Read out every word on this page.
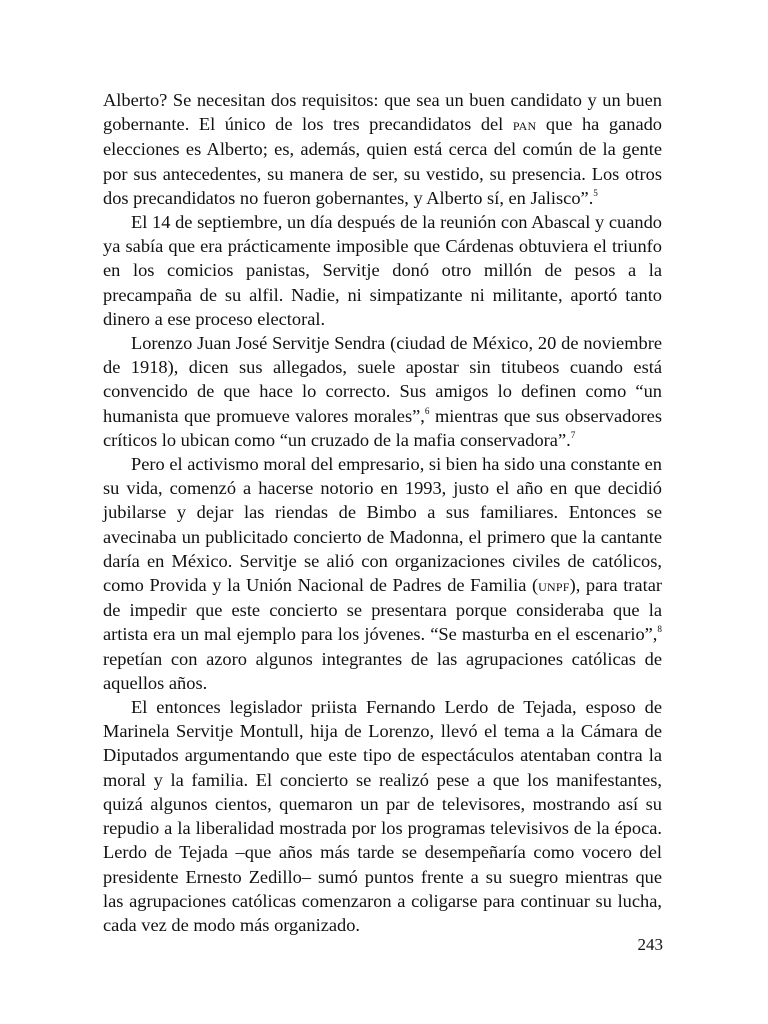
Alberto? Se necesitan dos requisitos: que sea un buen candidato y un buen gobernante. El único de los tres precandidatos del pan que ha ganado elecciones es Alberto; es, además, quien está cerca del común de la gente por sus antecedentes, su manera de ser, su vestido, su presencia. Los otros dos precandidatos no fueron gobernantes, y Alberto sí, en Jalisco”.$^5$

El 14 de septiembre, un día después de la reunión con Abascal y cuando ya sabía que era prácticamente imposible que Cárdenas obtuviera el triunfo en los comicios panistas, Servitje donó otro millón de pesos a la precampaña de su alfil. Nadie, ni simpatizante ni militante, aportó tanto dinero a ese proceso electoral.

Lorenzo Juan José Servitje Sendra (ciudad de México, 20 de noviembre de 1918), dicen sus allegados, suele apostar sin titubeos cuando está convencido de que hace lo correcto. Sus amigos lo definen como “un humanista que promueve valores morales”,$^6$ mientras que sus observadores críticos lo ubican como “un cruzado de la mafia conservadora”.$^7$

Pero el activismo moral del empresario, si bien ha sido una constante en su vida, comenzó a hacerse notorio en 1993, justo el año en que decidió jubilarse y dejar las riendas de Bimbo a sus familiares. Entonces se avecinaba un publicitado concierto de Madonna, el primero que la cantante daría en México. Servitje se alió con organizaciones civiles de católicos, como Provida y la Unión Nacional de Padres de Familia (unpf), para tratar de impedir que este concierto se presentara porque consideraba que la artista era un mal ejemplo para los jóvenes. “Se masturba en el escenario”,$^8$ repetían con azoro algunos integrantes de las agrupaciones católicas de aquellos años.

El entonces legislador priista Fernando Lerdo de Tejada, esposo de Marinela Servitje Montull, hija de Lorenzo, llevó el tema a la Cámara de Diputados argumentando que este tipo de espectáculos atentaban contra la moral y la familia. El concierto se realizó pese a que los manifestantes, quizá algunos cientos, quemaron un par de televisores, mostrando así su repudio a la liberalidad mostrada por los programas televisivos de la época. Lerdo de Tejada –que años más tarde se desempeñaría como vocero del presidente Ernesto Zedillo– sumó puntos frente a su suegro mientras que las agrupaciones católicas comenzaron a coligarse para continuar su lucha, cada vez de modo más organizado.

243
